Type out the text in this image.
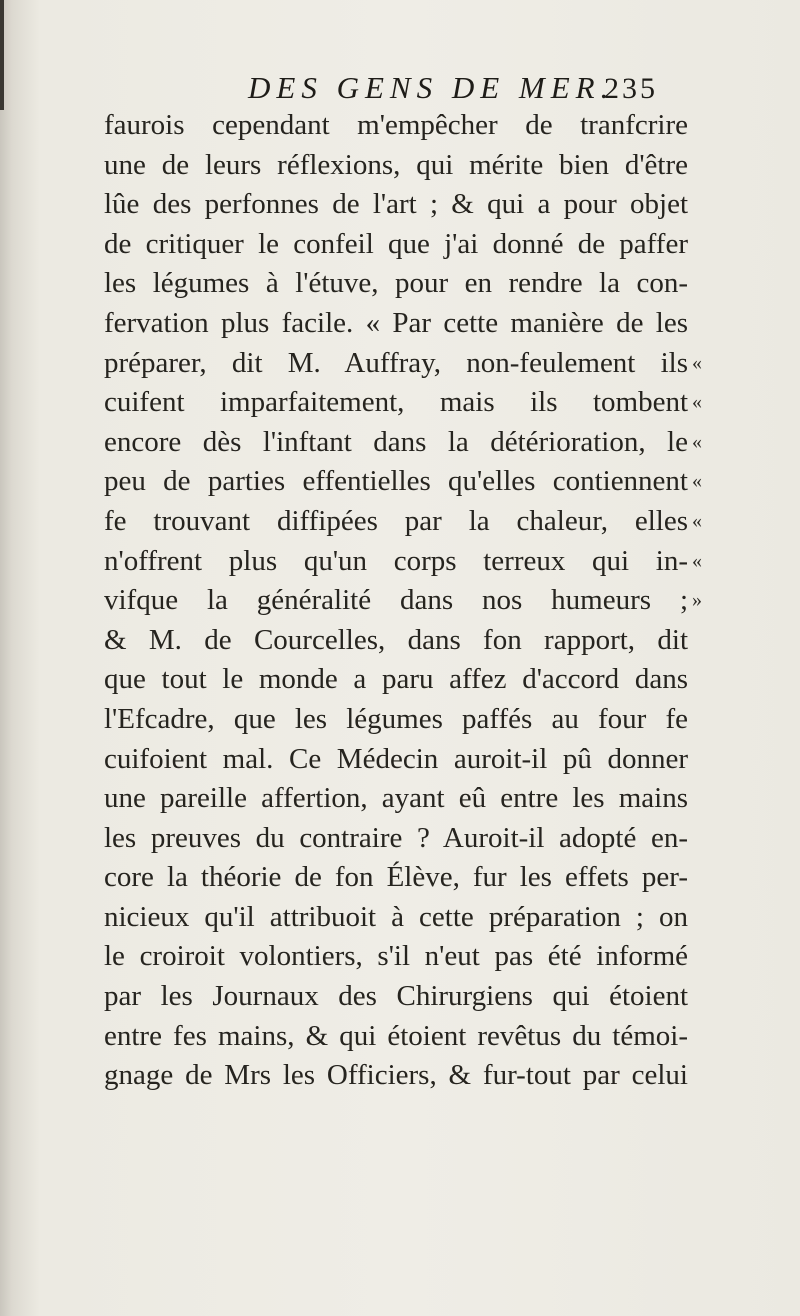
DES GENS DE MER.
235
faurois cependant m'empêcher de tranfcrire
une de leurs réflexions, qui mérite bien d'être
lûe des perfonnes de l'art ; & qui a pour objet
de critiquer le confeil que j'ai donné de paffer
les légumes à l'étuve, pour en rendre la con-
fervation plus facile. « Par cette manière de les
préparer, dit M. Auffray, non-feulement ils «
cuifent imparfaitement, mais ils tombent «
encore dès l'inftant dans la détérioration, le «
peu de parties effentielles qu'elles contiennent «
fe trouvant diffipées par la chaleur, elles «
n'offrent plus qu'un corps terreux qui in- «
vifque la généralité dans nos humeurs ; »
& M. de Courcelles, dans fon rapport, dit
que tout le monde a paru affez d'accord dans
l'Efcadre, que les légumes paffés au four fe
cuifoient mal. Ce Médecin auroit-il pû donner
une pareille affertion, ayant eû entre les mains
les preuves du contraire ? Auroit-il adopté en-
core la théorie de fon Élève, fur les effets per-
nicieux qu'il attribuoit à cette préparation ; on
le croiroit volontiers, s'il n'eut pas été informé
par les Journaux des Chirurgiens qui étoient
entre fes mains, & qui étoient revêtus du témoi-
gnage de Mrs les Officiers, & fur-tout par celui
